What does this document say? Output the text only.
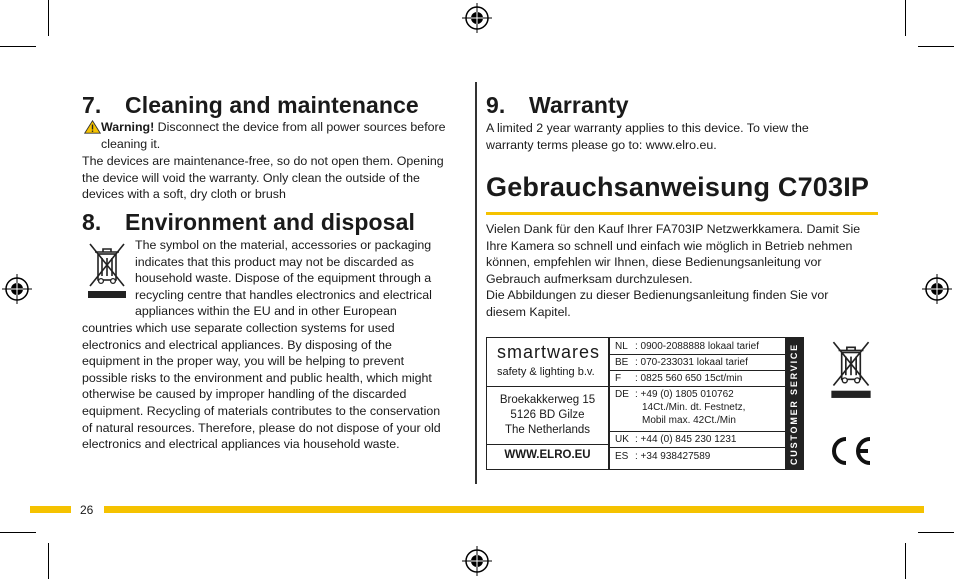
7. Cleaning and maintenance
Warning! Disconnect the device from all power sources before
cleaning it.
The devices are maintenance-free, so do not open them. Opening
the device will void the warranty. Only clean the outside of the
devices with a soft, dry cloth or brush
8. Environment and disposal
The symbol on the material, accessories or packaging
indicates that this product may not be discarded as
household waste. Dispose of the equipment through a
recycling centre that handles electronics and electrical
appliances within the EU and in other European
countries which use separate collection systems for used
electronics and electrical appliances. By disposing of the
equipment in the proper way, you will be helping to prevent
possible risks to the environment and public health, which might
otherwise be caused by improper handling of the discarded
equipment. Recycling of materials contributes to the conservation
of natural resources. Therefore, please do not dispose of your old
electronics and electrical appliances via household waste.
9. Warranty
A limited 2 year warranty applies to this device. To view the
warranty terms please go to: www.elro.eu.
Gebrauchsanweisung C703IP
Vielen Dank für den Kauf Ihrer FA703IP Netzwerkkamera. Damit Sie
Ihre Kamera so schnell und einfach wie möglich in Betrieb nehmen
können, empfehlen wir Ihnen, diese Bedienungsanleitung vor
Gebrauch aufmerksam durchzulesen.
Die Abbildungen zu dieser Bedienungsanleitung finden Sie vor
diesem Kapitel.
smartwares
safety & lighting b.v.
Broekakkerweg 15
5126 BD Gilze
The Netherlands
WWW.ELRO.EU
NL : 0900-2088888 lokaal tarief
BE : 070-233031 lokaal tarief
F : 0825 560 650 15ct/min
DE : +49 (0) 1805 010762
14Ct./Min. dt. Festnetz,
Mobil max. 42Ct./Min
UK : +44 (0) 845 230 1231
ES : +34 938427589	CUSTOMER SERVICE
26
